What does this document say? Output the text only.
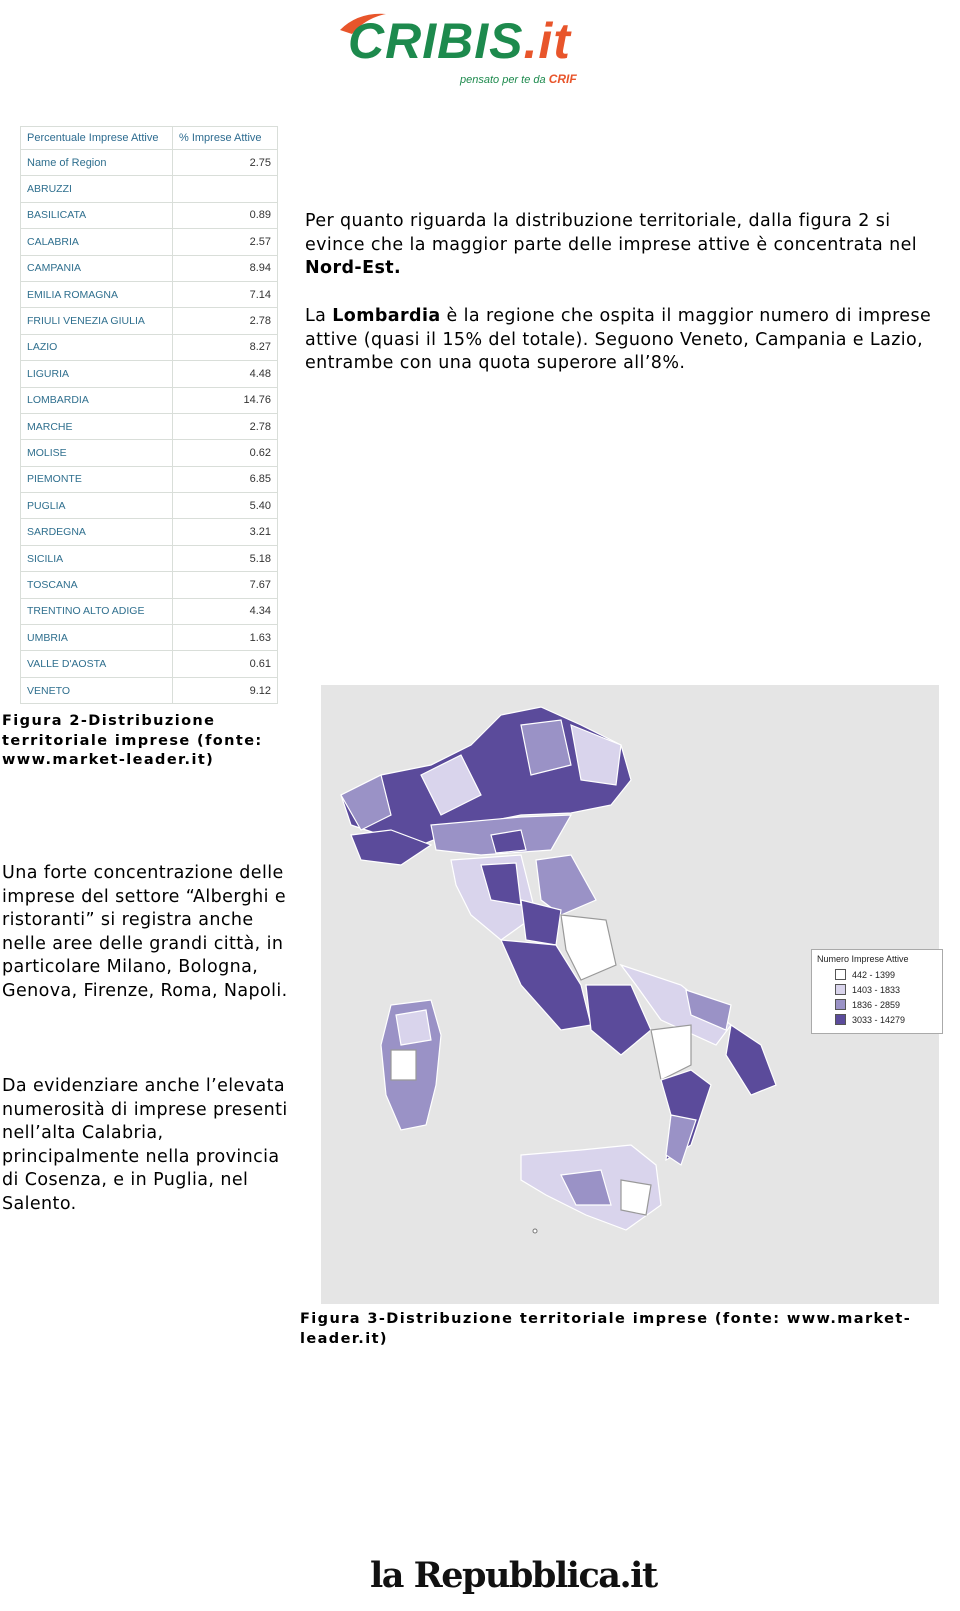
CRIBIS.it
pensato per te da CRIF
Percentuale Imprese Attive	% Imprese Attive
Name of Region	2.75
ABRUZZI	
BASILICATA	0.89
CALABRIA	2.57
CAMPANIA	8.94
EMILIA ROMAGNA	7.14
FRIULI VENEZIA GIULIA	2.78
LAZIO	8.27
LIGURIA	4.48
LOMBARDIA	14.76
MARCHE	2.78
MOLISE	0.62
PIEMONTE	6.85
PUGLIA	5.40
SARDEGNA	3.21
SICILIA	5.18
TOSCANA	7.67
TRENTINO ALTO ADIGE	4.34
UMBRIA	1.63
VALLE D'AOSTA	0.61
VENETO	9.12

Per quanto riguarda la distribuzione territoriale, dalla figura 2 si evince che la maggior parte delle imprese attive è concentrata nel Nord-Est.

La Lombardia è la regione che ospita il maggior numero di imprese attive (quasi il 15% del totale). Seguono Veneto, Campania e Lazio, entrambe con una quota superore all’8%.

Figura 2-Distribuzione territoriale imprese (fonte: www.market-leader.it)

Una forte concentrazione delle imprese del settore “Alberghi e ristoranti” si registra anche nelle aree delle grandi città, in particolare Milano, Bologna, Genova, Firenze, Roma, Napoli.

Da evidenziare anche l’elevata numerosità di imprese presenti nell’alta Calabria, principalmente nella provincia di Cosenza, e in Puglia, nel Salento.

Numero Imprese Attive
442 - 1399
1403 - 1833
1836 - 2859
3033 - 14279

Figura 3-Distribuzione territoriale imprese (fonte: www.market-leader.it)

la Repubblica.it
